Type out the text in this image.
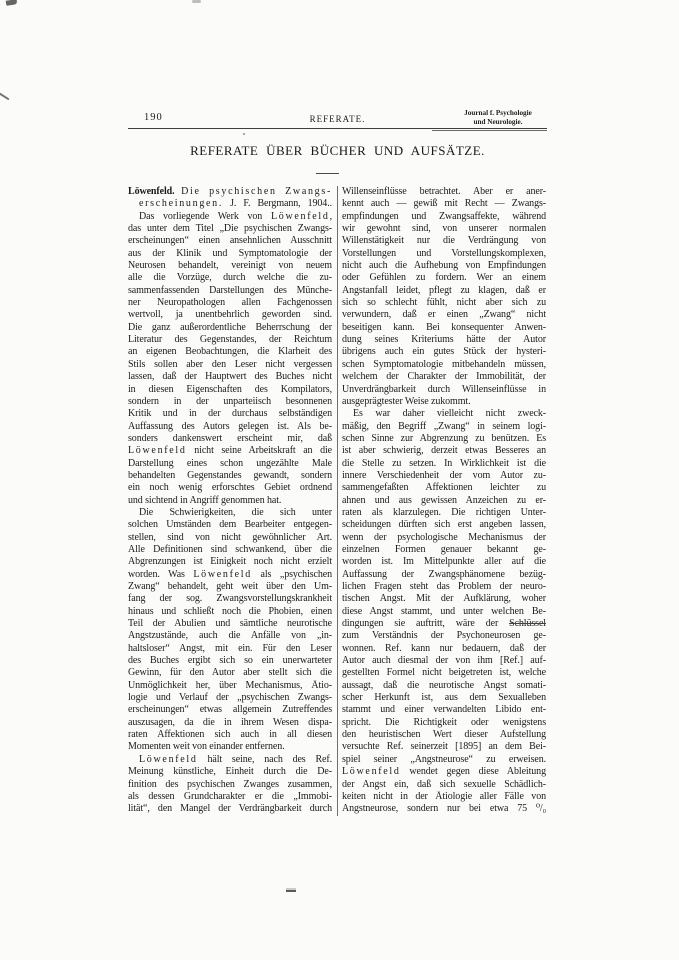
190	REFERATE.
Journal f. Psychologie
und Neurologie.
REFERATE ÜBER BÜCHER UND AUFSÄTZE.
Löwenfeld. Die psychischen Zwangs-
erscheinungen. J. F. Bergmann, 1904..
Das vorliegende Werk von Löwenfeld,
das unter dem Titel „Die psychischen Zwangs-
erscheinungen“ einen ansehnlichen Ausschnitt
aus der Klinik und Symptomatologie der
Neurosen behandelt, vereinigt von neuem
alle die Vorzüge, durch welche die zu-
sammenfassenden Darstellungen des Münche-
ner Neuropathologen allen Fachgenossen
wertvoll, ja unentbehrlich geworden sind.
Die ganz außerordentliche Beherrschung der
Literatur des Gegenstandes, der Reichtum
an eigenen Beobachtungen, die Klarheit des
Stils sollen aber den Leser nicht vergessen
lassen, daß der Hauptwert des Buches nicht
in diesen Eigenschaften des Kompilators,
sondern in der unparteiisch besonnenen
Kritik und in der durchaus selbständigen
Auffassung des Autors gelegen ist. Als be-
sonders dankenswert erscheint mir, daß
Löwenfeld nicht seine Arbeitskraft an die
Darstellung eines schon ungezählte Male
behandelten Gegenstandes gewandt, sondern
ein noch wenig erforschtes Gebiet ordnend
und sichtend in Angriff genommen hat.
Die Schwierigkeiten, die sich unter
solchen Umständen dem Bearbeiter entgegen-
stellen, sind von nicht gewöhnlicher Art.
Alle Definitionen sind schwankend, über die
Abgrenzungen ist Einigkeit noch nicht erzielt
worden. Was Löwenfeld als „psychischen
Zwang“ behandelt, geht weit über den Um-
fang der sog. Zwangsvorstellungskrankheit
hinaus und schließt noch die Phobien, einen
Teil der Abulien und sämtliche neurotische
Angstzustände, auch die Anfälle von „in-
haltsloser“ Angst, mit ein. Für den Leser
des Buches ergibt sich so ein unerwarteter
Gewinn, für den Autor aber stellt sich die
Unmöglichkeit her, über Mechanismus, Ätio-
logie und Verlauf der „psychischen Zwangs-
erscheinungen“ etwas allgemein Zutreffendes
auszusagen, da die in ihrem Wesen dispa-
raten Affektionen sich auch in all diesen
Momenten weit von einander entfernen.
Löwenfeld hält seine, nach des Ref.
Meinung künstliche, Einheit durch die De-
finition des psychischen Zwanges zusammen,
als dessen Grundcharakter er die „Immobi-
lität“, den Mangel der Verdrängbarkeit durch
Willenseinflüsse betrachtet. Aber er aner-
kennt auch — gewiß mit Recht — Zwangs-
empfindungen und Zwangsaffekte, während
wir gewohnt sind, von unserer normalen
Willenstätigkeit nur die Verdrängung von
Vorstellungen und Vorstellungskomplexen,
nicht auch die Aufhebung von Empfindungen
oder Gefühlen zu fordern. Wer an einem
Angstanfall leidet, pflegt zu klagen, daß er
sich so schlecht fühlt, nicht aber sich zu
verwundern, daß er einen „Zwang“ nicht
beseitigen kann. Bei konsequenter Anwen-
dung seines Kriteriums hätte der Autor
übrigens auch ein gutes Stück der hysteri-
schen Symptomatologie mitbehandeln müssen,
welchem der Charakter der Immobilität, der
Unverdrängbarkeit durch Willenseinflüsse in
ausgeprägtester Weise zukommt.
Es war daher vielleicht nicht zweck-
mäßig, den Begriff „Zwang“ in seinem logi-
schen Sinne zur Abgrenzung zu benützen. Es
ist aber schwierig, derzeit etwas Besseres an
die Stelle zu setzen. In Wirklichkeit ist die
innere Verschiedenheit der vom Autor zu-
sammengefaßten Affektionen leichter zu
ahnen und aus gewissen Anzeichen zu er-
raten als klarzulegen. Die richtigen Unter-
scheidungen dürften sich erst angeben lassen,
wenn der psychologische Mechanismus der
einzelnen Formen genauer bekannt ge-
worden ist. Im Mittelpunkte aller auf die
Auffassung der Zwangsphänomene bezüg-
lichen Fragen steht das Problem der neuro-
tischen Angst. Mit der Aufklärung, woher
diese Angst stammt, und unter welchen Be-
dingungen sie auftritt, wäre der Schlüssel
zum Verständnis der Psychoneurosen ge-
wonnen. Ref. kann nur bedauern, daß der
Autor auch diesmal der von ihm [Ref.] auf-
gestellten Formel nicht beigetreten ist, welche
aussagt, daß die neurotische Angst somati-
scher Herkunft ist, aus dem Sexualleben
stammt und einer verwandelten Libido ent-
spricht. Die Richtigkeit oder wenigstens
den heuristischen Wert dieser Aufstellung
versuchte Ref. seinerzeit [1895] an dem Bei-
spiel seiner „Angstneurose“ zu erweisen.
Löwenfeld wendet gegen diese Ableitung
der Angst ein, daß sich sexuelle Schädlich-
keiten nicht in der Ätiologie aller Fälle von
Angstneurose, sondern nur bei etwa 75 ⁰/₀
